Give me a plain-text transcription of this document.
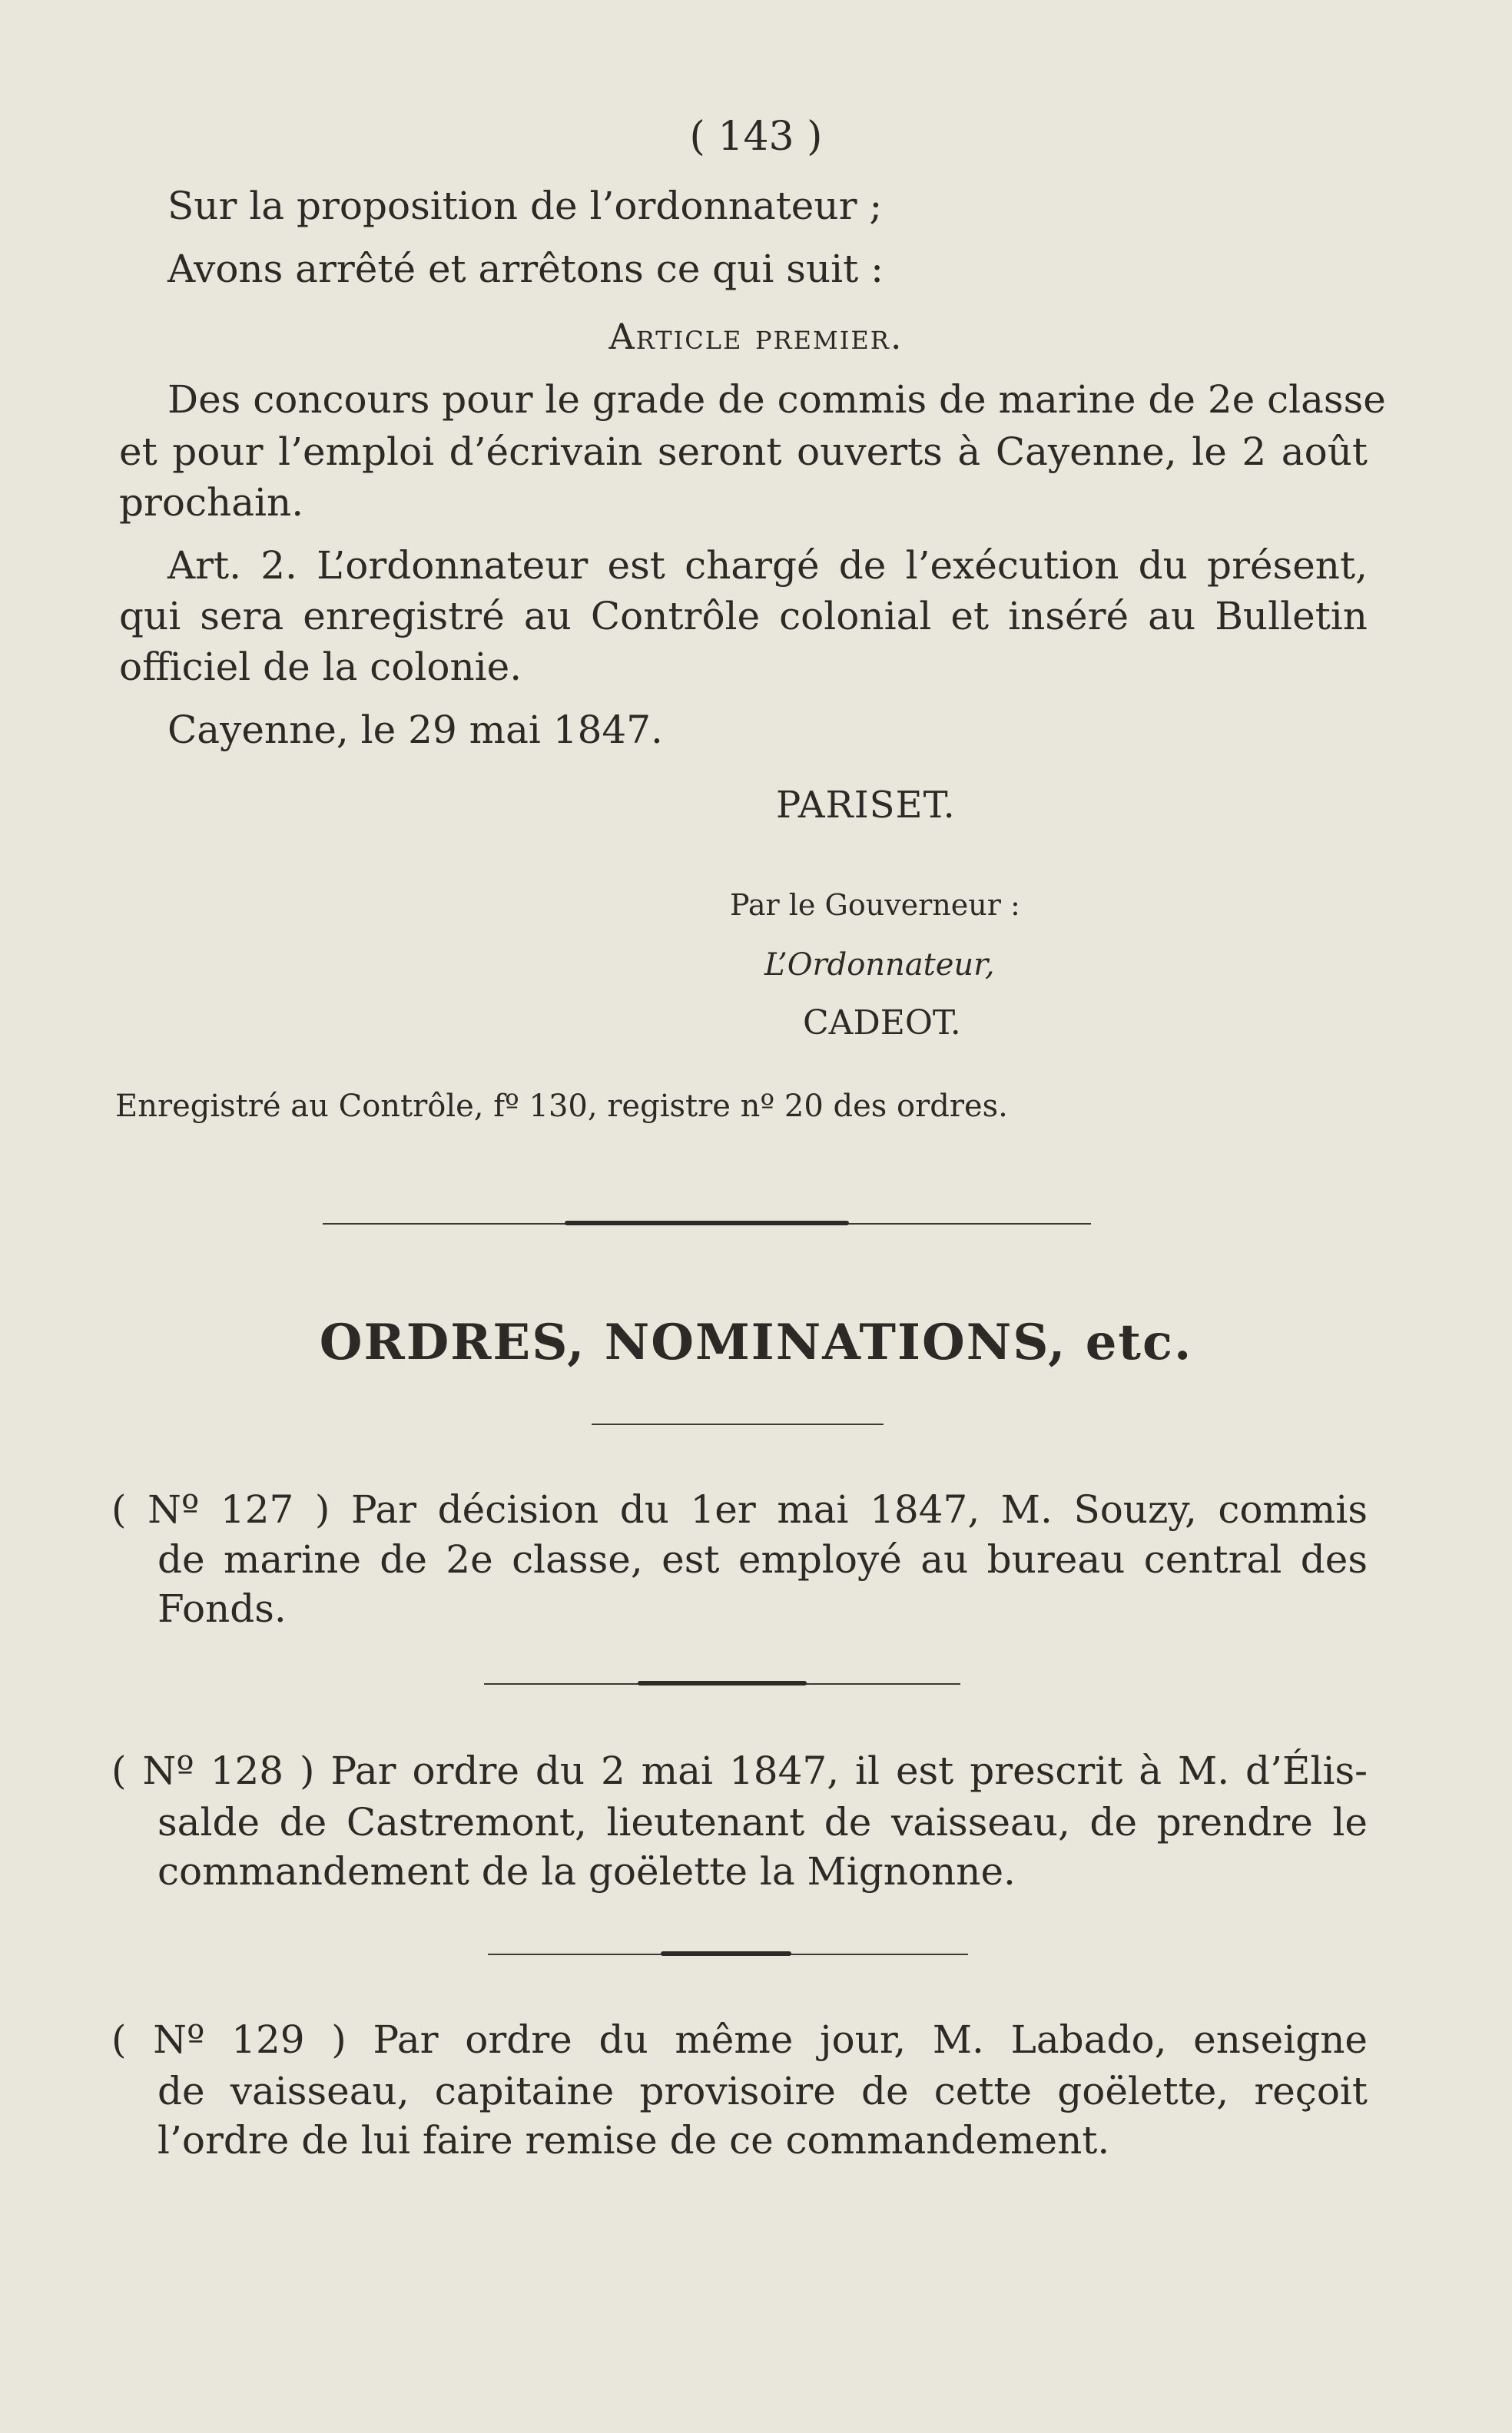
( 143 )
Sur la proposition de l’ordonnateur ;
Avons arrêté et arrêtons ce qui suit :
Article premier.
Des concours pour le grade de commis de marine de 2e classe
et pour l’emploi d’écrivain seront ouverts à Cayenne, le 2 août
prochain.
Art. 2. L’ordonnateur est chargé de l’exécution du présent,
qui sera enregistré au Contrôle colonial et inséré au Bulletin
officiel de la colonie.
Cayenne, le 29 mai 1847.
PARISET.
Par le Gouverneur :
L’Ordonnateur,
CADEOT.
Enregistré au Contrôle, fº 130, registre nº 20 des ordres.
ORDRES, NOMINATIONS, etc.
( Nº 127 ) Par décision du 1er mai 1847, M. Souzy, commis
de marine de 2e classe, est employé au bureau central des
Fonds.
( Nº 128 ) Par ordre du 2 mai 1847, il est prescrit à M. d’Élis-
salde de Castremont, lieutenant de vaisseau, de prendre le
commandement de la goëlette la Mignonne.
( Nº 129 ) Par ordre du même jour, M. Labado, enseigne
de vaisseau, capitaine provisoire de cette goëlette, reçoit
l’ordre de lui faire remise de ce commandement.
